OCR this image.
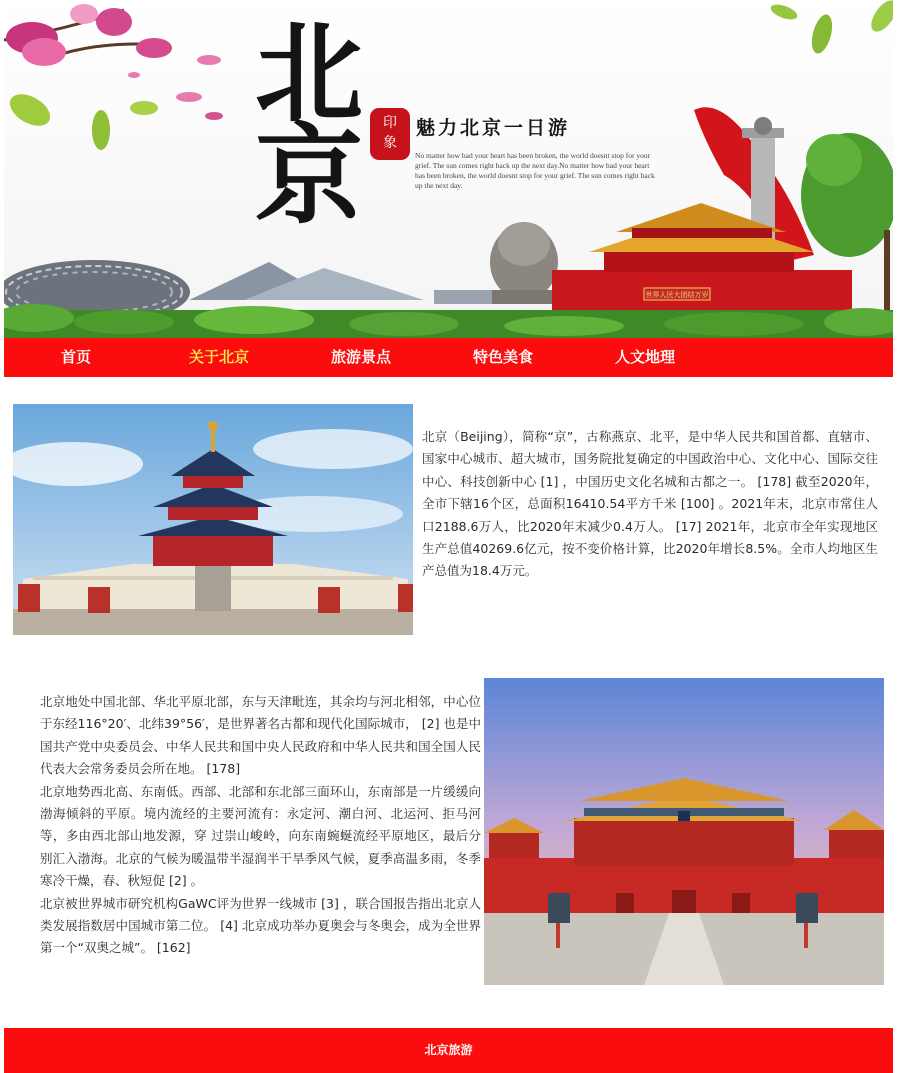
世界人民大团结万岁
北
京	印
象
魅力北京一日游
No matter how bad your heart has been broken, the world doesnt stop for your grief. The sun comes right back up the next day.No matter how bad your heart has been broken, the world doesnt stop for your grief. The sun comes right back up the next day.
首页	关于北京	旅游景点	特色美食	人文地理

北京（Beijing），简称“京”，古称燕京、北平，是中华人民共和国首都、直辖市、国家中心城市、超大城市，国务院批复确定的中国政治中心、文化中心、国际交往中心、科技创新中心 [1] ，中国历史文化名城和古都之一。 [178] 截至2020年，全市下辖16个区，总面积16410.54平方千米 [100] 。2021年末，北京市常住人口2188.6万人，比2020年末减少0.4万人。 [17] 2021年，北京市全年实现地区生产总值40269.6亿元，按不变价格计算，比2020年增长8.5%。全市人均地区生产总值为18.4万元。

北京地处中国北部、华北平原北部，东与天津毗连，其余均与河北相邻，中心位于东经116°20′、北纬39°56′，是世界著名古都和现代化国际城市， [2] 也是中国共产党中央委员会、中华人民共和国中央人民政府和中华人民共和国全国人民代表大会常务委员会所在地。 [178]

北京地势西北高、东南低。西部、北部和东北部三面环山，东南部是一片缓缓向渤海倾斜的平原。境内流经的主要河流有：永定河、潮白河、北运河、拒马河等，多由西北部山地发源，穿 过崇山峻岭，向东南蜿蜒流经平原地区，最后分别汇入渤海。北京的气候为暖温带半湿润半干旱季风气候，夏季高温多雨，冬季寒冷干燥，春、秋短促 [2] 。

北京被世界城市研究机构GaWC评为世界一线城市 [3] ，联合国报告指出北京人类发展指数居中国城市第二位。 [4] 北京成功举办夏奥会与冬奥会，成为全世界第一个“双奥之城”。 [162]

北京旅游
